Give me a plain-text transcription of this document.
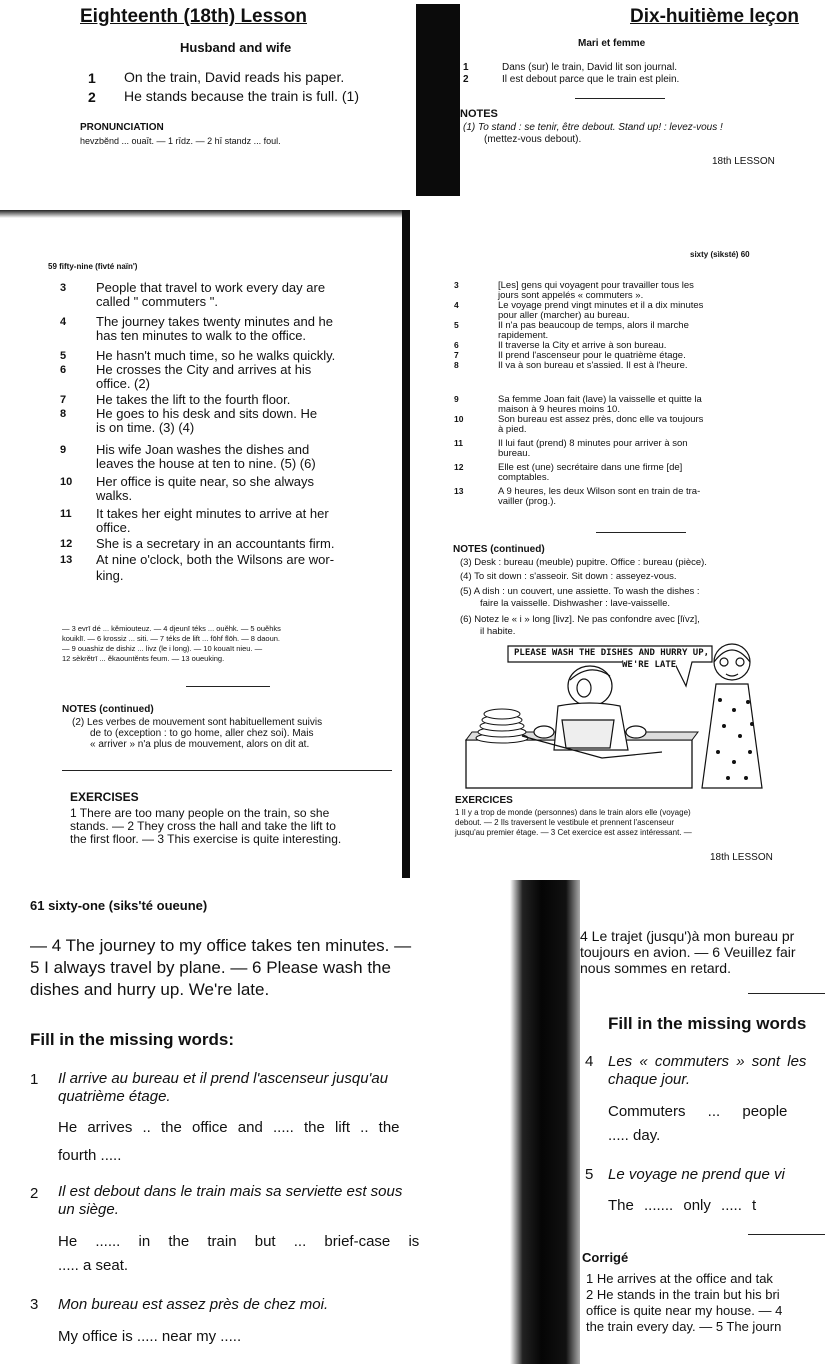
Eighteenth (18th) Lesson
Husband and wife
1 On the train, David reads his paper.
2 He stands because the train is full. (1)
PRONUNCIATION
hevzbĕnd ... ouaīt. — 1 rīdz. — 2 hī standz ... foul.
Dix-huitième leçon
Mari et femme
1	Dans (sur) le train, David lit son journal.
2	Il est debout parce que le train est plein.
NOTES
(1) To stand : se tenir, être debout. Stand up! : levez-vous !
(mettez-vous debout).
18th LESSON
59 fifty-nine (fivté naïn')
People that travel to work every day are
called " commuters ".
The journey takes twenty minutes and he
has ten minutes to walk to the office.
He hasn't much time, so he walks quickly.
He crosses the City and arrives at his
office. (2)
He takes the lift to the fourth floor.
He goes to his desk and sits down. He
is on time. (3) (4)
His wife Joan washes the dishes and
leaves the house at ten to nine. (5) (6)
Her office is quite near, so she always
walks.
It takes her eight minutes to arrive at her
office.
She is a secretary in an accountants firm.
At nine o'clock, both the Wilsons are wor-
king.
3
4
5
6
7
8
9
10
11
12
13
— 3 evrī dé ... kĕmiouteuz. — 4 djeunī téks ... ouĕhk. — 5 ouĕhks
kouiklī. — 6 krossiz ... siti. — 7 téks de lift ... fōhf flōh. — 8 daoun.
— 9 ouashiz de dishiz ... livz (le i long). — 10 kouaït nieu. —
12 sèkrĕtrī ... ĕkaountĕnts feum. — 13 oueuking.
NOTES (continued)
(2) Les verbes de mouvement sont habituellement suivis
de to (exception : to go home, aller chez soi). Mais
« arriver » n'a plus de mouvement, alors on dit at.
EXERCISES
1 There are too many people on the train, so she
stands. — 2 They cross the hall and take the lift to
the first floor. — 3 This exercise is quite interesting.
sixty (sìksté) 60
[Les] gens qui voyagent pour travailler tous les
jours sont appelés « commuters ».
Le voyage prend vingt minutes et il a dix minutes
pour aller (marcher) au bureau.
Il n'a pas beaucoup de temps, alors il marche
rapidement.
Il traverse la City et arrive à son bureau.
Il prend l'ascenseur pour le quatrième étage.
Il va à son bureau et s'assied. Il est à l'heure.
Sa femme Joan fait (lave) la vaisselle et quitte la
maison à 9 heures moins 10.
Son bureau est assez près, donc elle va toujours
à pied.
Il lui faut (prend) 8 minutes pour arriver à son
bureau.
Elle est (une) secrétaire dans une firme [de]
comptables.
A 9 heures, les deux Wilson sont en train de tra-
vailler (prog.).
3
4
5
6
7
8
9
10
11
12
13
NOTES (continued)
(3) Desk : bureau (meuble) pupitre. Office : bureau (pièce).
(4) To sit down : s'asseoir. Sit down : asseyez-vous.
(5) A dish : un couvert, une assiette. To wash the dishes :
faire la vaisselle. Dishwasher : lave-vaisselle.
(6) Notez le « i » long [livz]. Ne pas confondre avec [lïvz],
il habite.
PLEASE WASH THE DISHES AND HURRY UP,
WE'RE LATE
EXERCICES
1 Il y a trop de monde (personnes) dans le train alors elle (voyage)
debout. — 2 Ils traversent le vestibule et prennent l'ascenseur
jusqu'au premier étage. — 3 Cet exercice est assez intéressant. —
18th LESSON
61 sixty-one (siks'té oueune)
— 4 The journey to my office takes ten minutes. —
5 I always travel by plane. — 6 Please wash the
dishes and hurry up. We're late.
Fill in the missing words:
1 Il arrive au bureau et il prend l'ascenseur jusqu'au
quatrième étage.
He arrives .. the office and ..... the lift .. the
fourth .....
2 Il est debout dans le train mais sa serviette est sous
un siège.
He ...... in the train but ... brief-case is
..... a seat.
3 Mon bureau est assez près de chez moi.
My office is ..... near my .....
4 Le trajet (jusqu')à mon bureau pr
toujours en avion. — 6 Veuillez fair
nous sommes en retard.
Fill in the missing words
4 Les « commuters » sont les
chaque jour.
Commuters ... people
..... day.
5 Le voyage ne prend que vi
The ....... only ..... t
Corrigé
1 He arrives at the office and tak
2 He stands in the train but his bri
office is quite near my house. — 4
the train every day. — 5 The journ
